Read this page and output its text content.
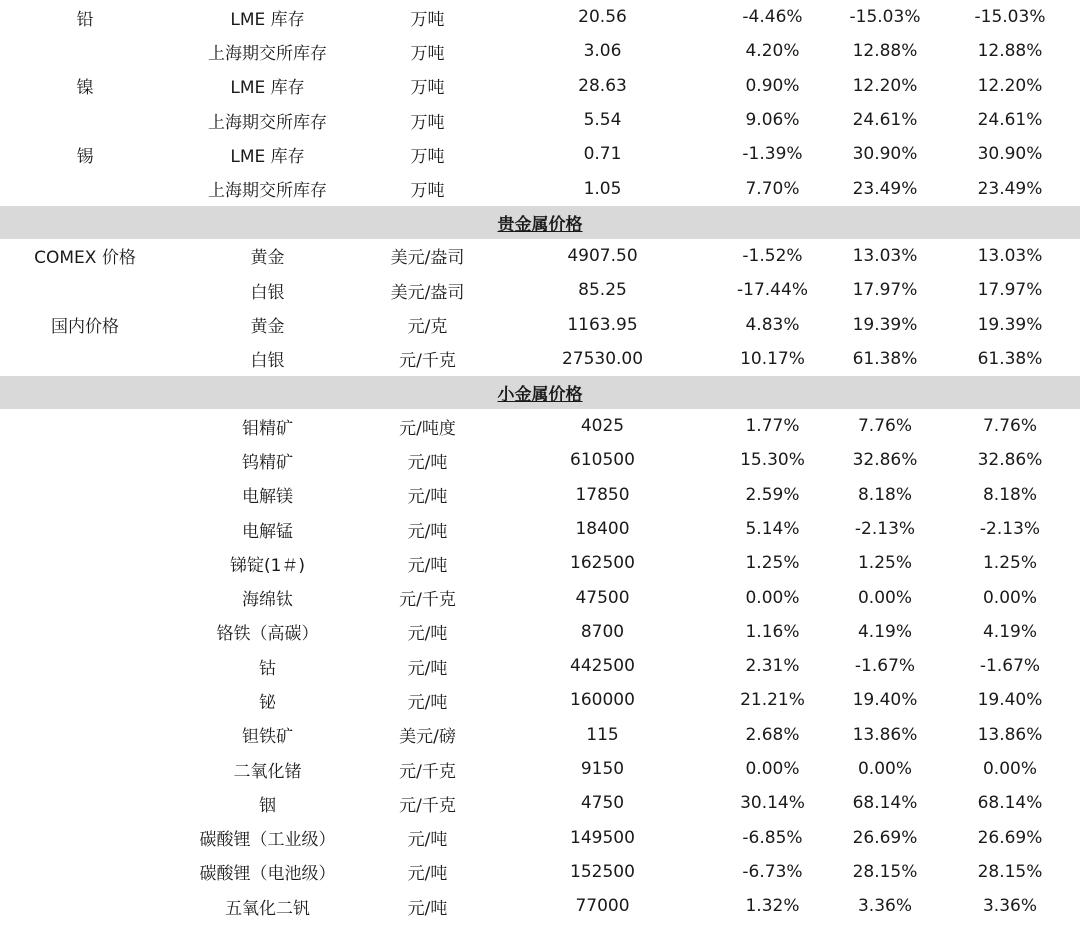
铅	LME 库存	万吨	20.56	-4.46%	-15.03%	-15.03%
	上海期交所库存	万吨	3.06	4.20%	12.88%	12.88%
镍	LME 库存	万吨	28.63	0.90%	12.20%	12.20%
	上海期交所库存	万吨	5.54	9.06%	24.61%	24.61%
锡	LME 库存	万吨	0.71	-1.39%	30.90%	30.90%
	上海期交所库存	万吨	1.05	7.70%	23.49%	23.49%
贵金属价格						
COMEX 价格	黄金	美元/盎司	4907.50	-1.52%	13.03%	13.03%
	白银	美元/盎司	85.25	-17.44%	17.97%	17.97%
国内价格	黄金	元/克	1163.95	4.83%	19.39%	19.39%
	白银	元/千克	27530.00	10.17%	61.38%	61.38%
小金属价格						
	钼精矿	元/吨度	4025	1.77%	7.76%	7.76%
	钨精矿	元/吨	610500	15.30%	32.86%	32.86%
	电解镁	元/吨	17850	2.59%	8.18%	8.18%
	电解锰	元/吨	18400	5.14%	-2.13%	-2.13%
	锑锭(1＃)	元/吨	162500	1.25%	1.25%	1.25%
	海绵钛	元/千克	47500	0.00%	0.00%	0.00%
	铬铁（高碳）	元/吨	8700	1.16%	4.19%	4.19%
	钴	元/吨	442500	2.31%	-1.67%	-1.67%
	铋	元/吨	160000	21.21%	19.40%	19.40%
	钽铁矿	美元/磅	115	2.68%	13.86%	13.86%
	二氧化锗	元/千克	9150	0.00%	0.00%	0.00%
	铟	元/千克	4750	30.14%	68.14%	68.14%
	碳酸锂（工业级）	元/吨	149500	-6.85%	26.69%	26.69%
	碳酸锂（电池级）	元/吨	152500	-6.73%	28.15%	28.15%
	五氧化二钒	元/吨	77000	1.32%	3.36%	3.36%
